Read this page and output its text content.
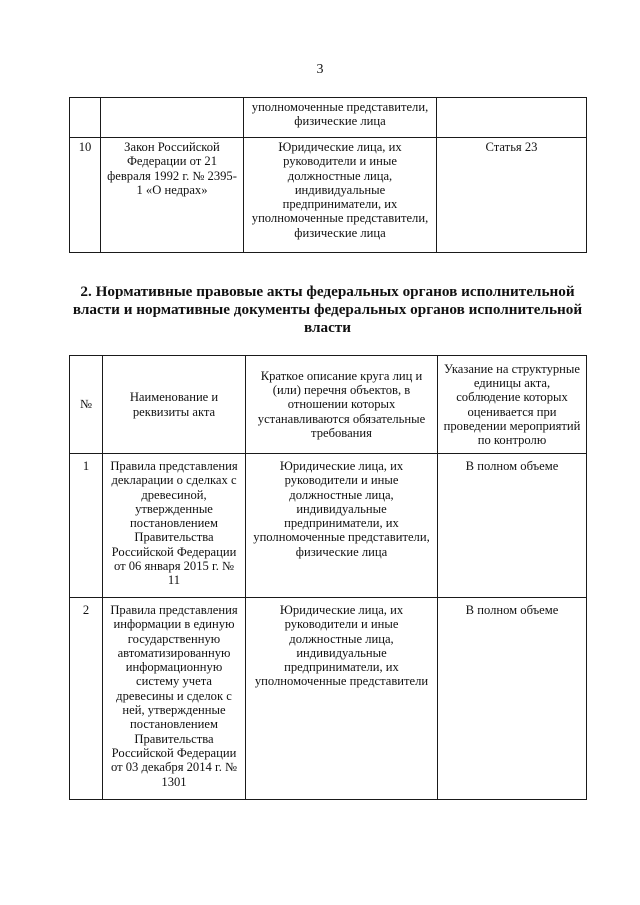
3
		уполномоченные представители, физические лица	
10	Закон Российской Федерации от 21 февраля 1992 г. № 2395-1 «О недрах»	Юридические лица, их руководители и иные должностные лица, индивидуальные предприниматели, их уполномоченные представители, физические лица	Статья 23
2. Нормативные правовые акты федеральных органов исполнительной власти и нормативные документы федеральных органов исполнительной власти
№	Наименование и реквизиты акта	Краткое описание круга лиц и (или) перечня объектов, в отношении которых устанавливаются обязательные требования	Указание на структурные единицы акта, соблюдение которых оценивается при проведении мероприятий по контролю
1	Правила представления декларации о сделках с древесиной, утвержденные постановлением Правительства Российской Федерации от 06 января 2015 г. № 11	Юридические лица, их руководители и иные должностные лица, индивидуальные предприниматели, их уполномоченные представители, физические лица	В полном объеме
2	Правила представления информации в единую государственную автоматизированную информационную систему учета древесины и сделок с ней, утвержденные постановлением Правительства Российской Федерации от 03 декабря 2014 г. № 1301	Юридические лица, их руководители и иные должностные лица, индивидуальные предприниматели, их уполномоченные представители	В полном объеме
